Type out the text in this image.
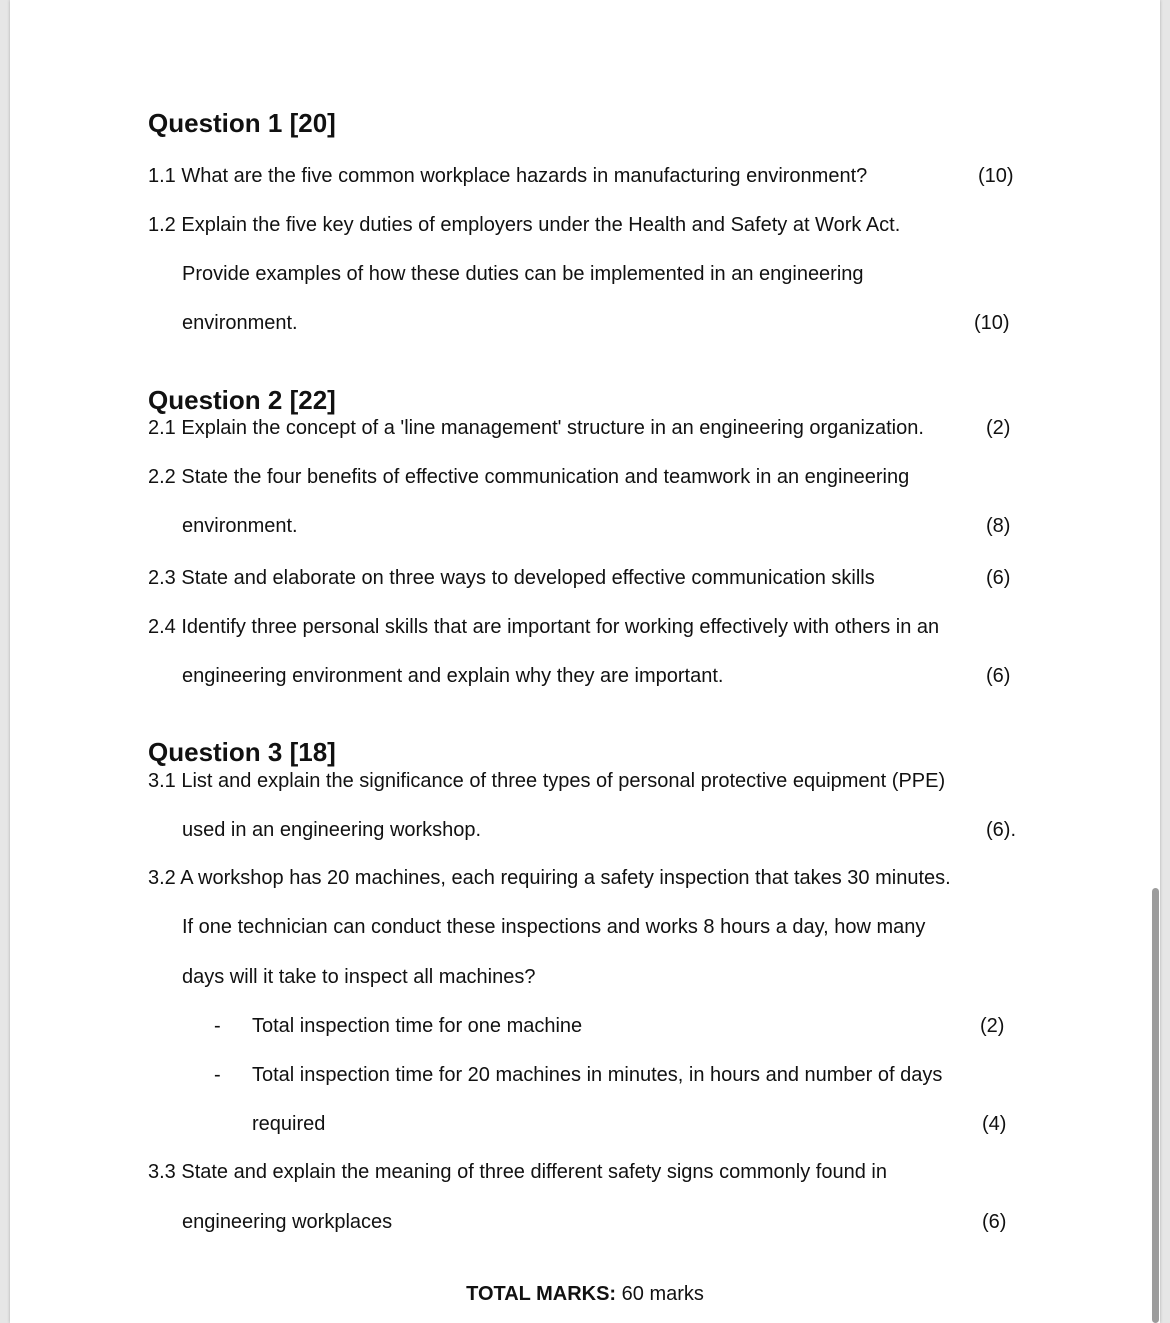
Question 1 [20]
1.1 What are the five common workplace hazards in manufacturing environment?	(10)
1.2 Explain the five key duties of employers under the Health and Safety at Work Act.
Provide examples of how these duties can be implemented in an engineering
environment.	(10)
Question 2 [22]
2.1 Explain the concept of a 'line management' structure in an engineering organization.	(2)
2.2 State the four benefits of effective communication and teamwork in an engineering
environment.	(8)
2.3 State and elaborate on three ways to developed effective communication skills	(6)
2.4 Identify three personal skills that are important for working effectively with others in an
engineering environment and explain why they are important.	(6)
Question 3 [18]
3.1 List and explain the significance of three types of personal protective equipment (PPE)
used in an engineering workshop.	(6).
3.2 A workshop has 20 machines, each requiring a safety inspection that takes 30 minutes.
If one technician can conduct these inspections and works 8 hours a day, how many
days will it take to inspect all machines?
- Total inspection time for one machine	(2)
- Total inspection time for 20 machines in minutes, in hours and number of days
required	(4)
3.3 State and explain the meaning of three different safety signs commonly found in
engineering workplaces	(6)
TOTAL MARKS: 60 marks
